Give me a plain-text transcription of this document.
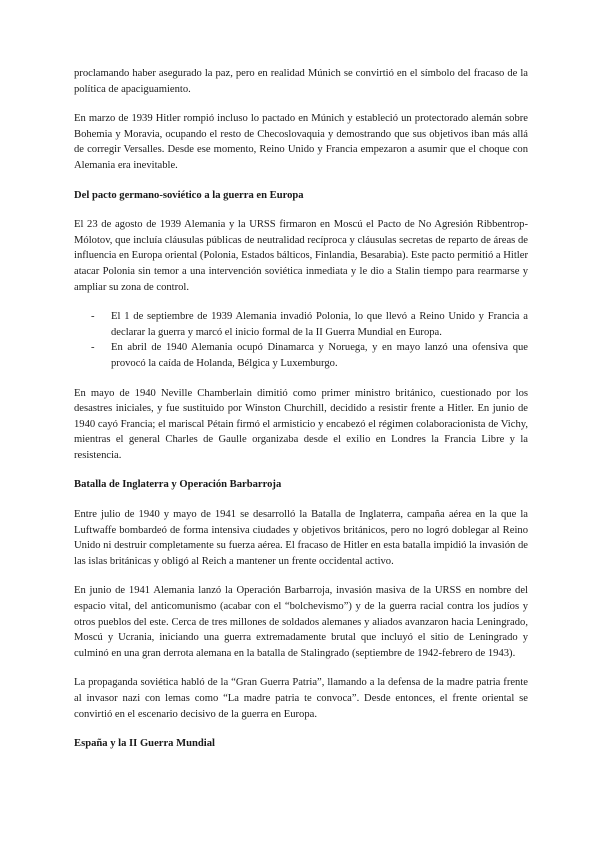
proclamando haber asegurado la paz, pero en realidad Múnich se convirtió en el símbolo del fracaso de la política de apaciguamiento.

En marzo de 1939 Hitler rompió incluso lo pactado en Múnich y estableció un protectorado alemán sobre Bohemia y Moravia, ocupando el resto de Checoslovaquia y demostrando que sus objetivos iban más allá de corregir Versalles. Desde ese momento, Reino Unido y Francia empezaron a asumir que el choque con Alemania era inevitable.

Del pacto germano-soviético a la guerra en Europa

El 23 de agosto de 1939 Alemania y la URSS firmaron en Moscú el Pacto de No Agresión Ribbentrop-Mólotov, que incluía cláusulas públicas de neutralidad recíproca y cláusulas secretas de reparto de áreas de influencia en Europa oriental (Polonia, Estados bálticos, Finlandia, Besarabia). Este pacto permitió a Hitler atacar Polonia sin temor a una intervención soviética inmediata y le dio a Stalin tiempo para rearmarse y ampliar su zona de control.

- El 1 de septiembre de 1939 Alemania invadió Polonia, lo que llevó a Reino Unido y Francia a declarar la guerra y marcó el inicio formal de la II Guerra Mundial en Europa.
- En abril de 1940 Alemania ocupó Dinamarca y Noruega, y en mayo lanzó una ofensiva que provocó la caída de Holanda, Bélgica y Luxemburgo.

En mayo de 1940 Neville Chamberlain dimitió como primer ministro británico, cuestionado por los desastres iniciales, y fue sustituido por Winston Churchill, decidido a resistir frente a Hitler. En junio de 1940 cayó Francia; el mariscal Pétain firmó el armisticio y encabezó el régimen colaboracionista de Vichy, mientras el general Charles de Gaulle organizaba desde el exilio en Londres la Francia Libre y la resistencia.

Batalla de Inglaterra y Operación Barbarroja

Entre julio de 1940 y mayo de 1941 se desarrolló la Batalla de Inglaterra, campaña aérea en la que la Luftwaffe bombardeó de forma intensiva ciudades y objetivos británicos, pero no logró doblegar al Reino Unido ni destruir completamente su fuerza aérea. El fracaso de Hitler en esta batalla impidió la invasión de las islas británicas y obligó al Reich a mantener un frente occidental activo.

En junio de 1941 Alemania lanzó la Operación Barbarroja, invasión masiva de la URSS en nombre del espacio vital, del anticomunismo (acabar con el “bolchevismo”) y de la guerra racial contra los judíos y otros pueblos del este. Cerca de tres millones de soldados alemanes y aliados avanzaron hacia Leningrado, Moscú y Ucrania, iniciando una guerra extremadamente brutal que incluyó el sitio de Leningrado y culminó en una gran derrota alemana en la batalla de Stalingrado (septiembre de 1942-febrero de 1943).

La propaganda soviética habló de la “Gran Guerra Patria”, llamando a la defensa de la madre patria frente al invasor nazi con lemas como “La madre patria te convoca”. Desde entonces, el frente oriental se convirtió en el escenario decisivo de la guerra en Europa.

España y la II Guerra Mundial
